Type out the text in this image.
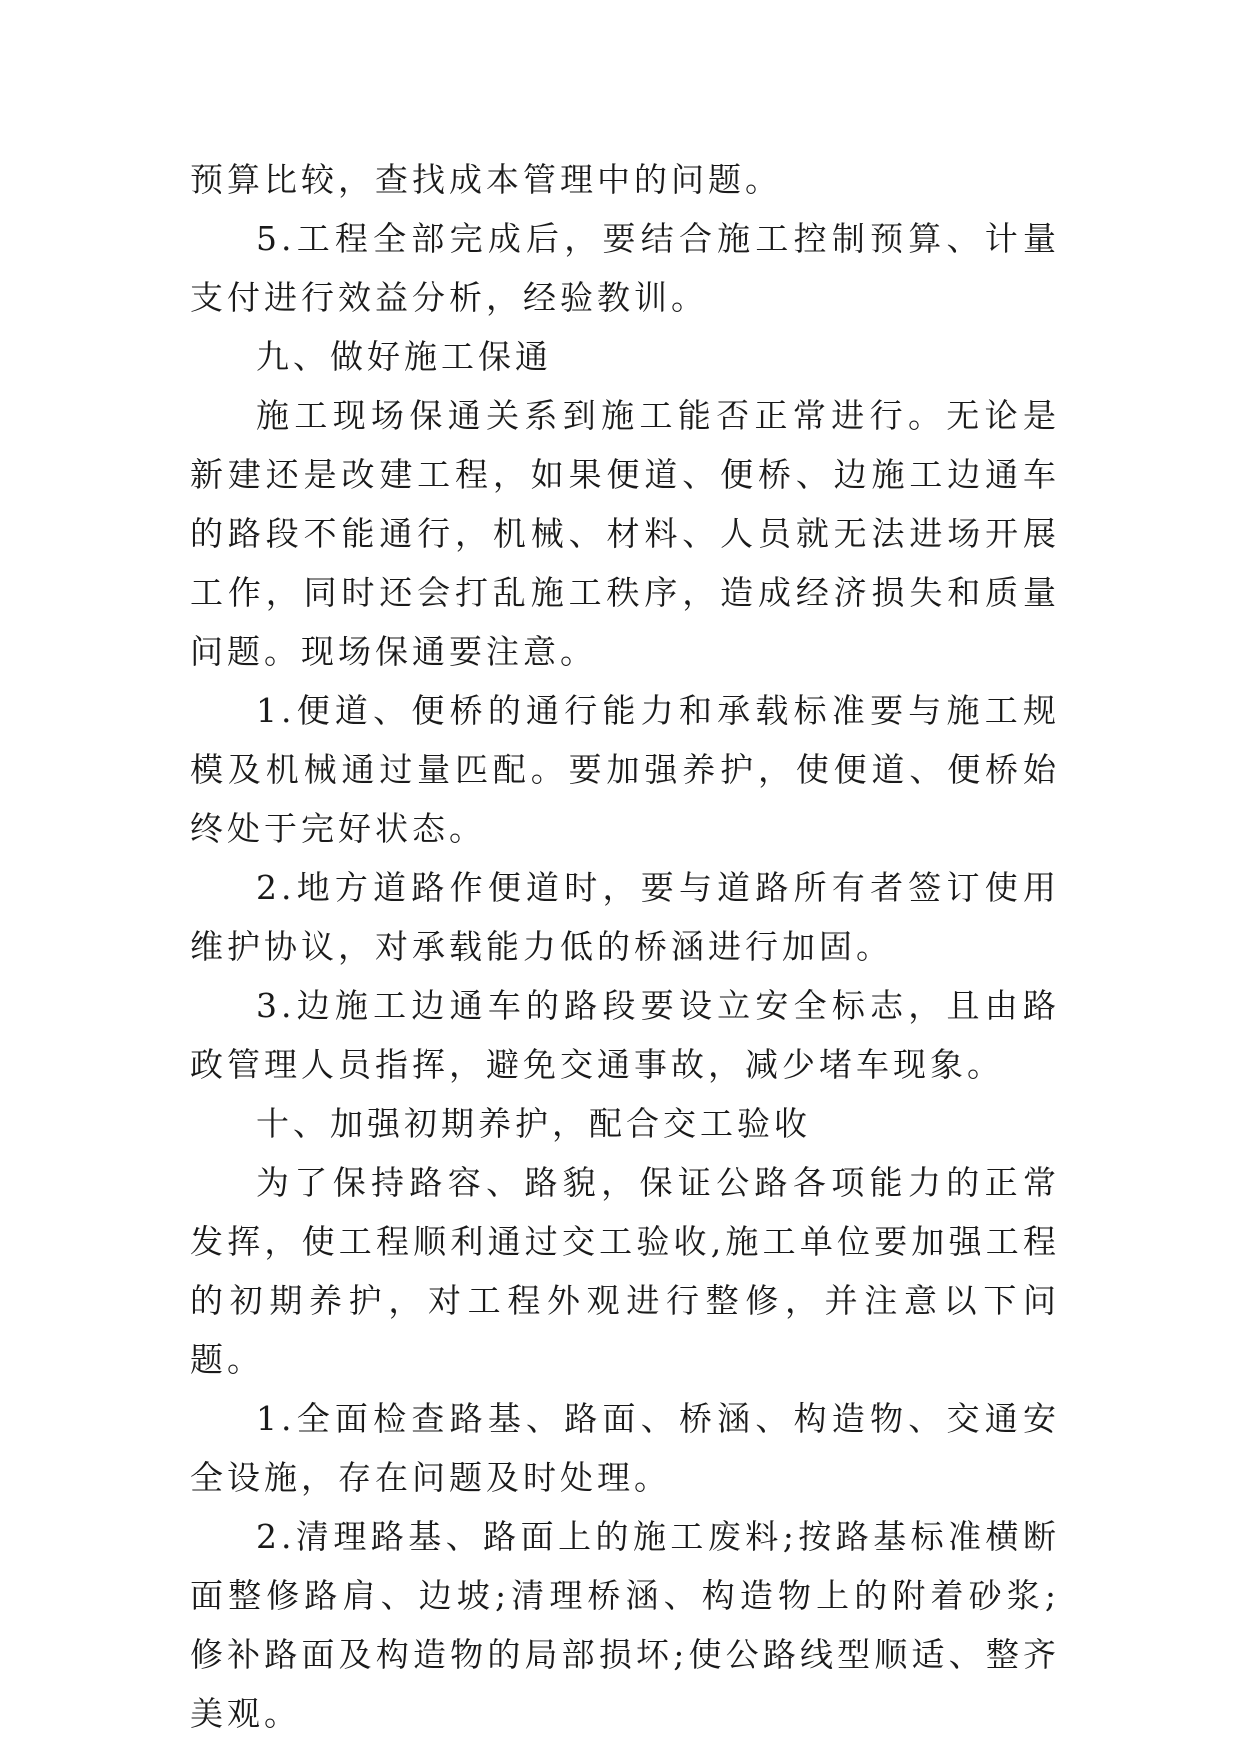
预算比较，查找成本管理中的问题。

5.工程全部完成后，要结合施工控制预算、计量支付进行效益分析，经验教训。

九、做好施工保通

施工现场保通关系到施工能否正常进行。无论是新建还是改建工程，如果便道、便桥、边施工边通车的路段不能通行，机械、材料、人员就无法进场开展工作，同时还会打乱施工秩序，造成经济损失和质量问题。现场保通要注意。

1.便道、便桥的通行能力和承载标准要与施工规模及机械通过量匹配。要加强养护，使便道、便桥始终处于完好状态。

2.地方道路作便道时，要与道路所有者签订使用维护协议，对承载能力低的桥涵进行加固。

3.边施工边通车的路段要设立安全标志，且由路政管理人员指挥，避免交通事故，减少堵车现象。

十、加强初期养护，配合交工验收

为了保持路容、路貌，保证公路各项能力的正常发挥，使工程顺利通过交工验收,施工单位要加强工程的初期养护，对工程外观进行整修，并注意以下问题。

1.全面检查路基、路面、桥涵、构造物、交通安全设施，存在问题及时处理。

2.清理路基、路面上的施工废料;按路基标准横断面整修路肩、边坡;清理桥涵、构造物上的附着砂浆;修补路面及构造物的局部损坏;使公路线型顺适、整齐美观。
